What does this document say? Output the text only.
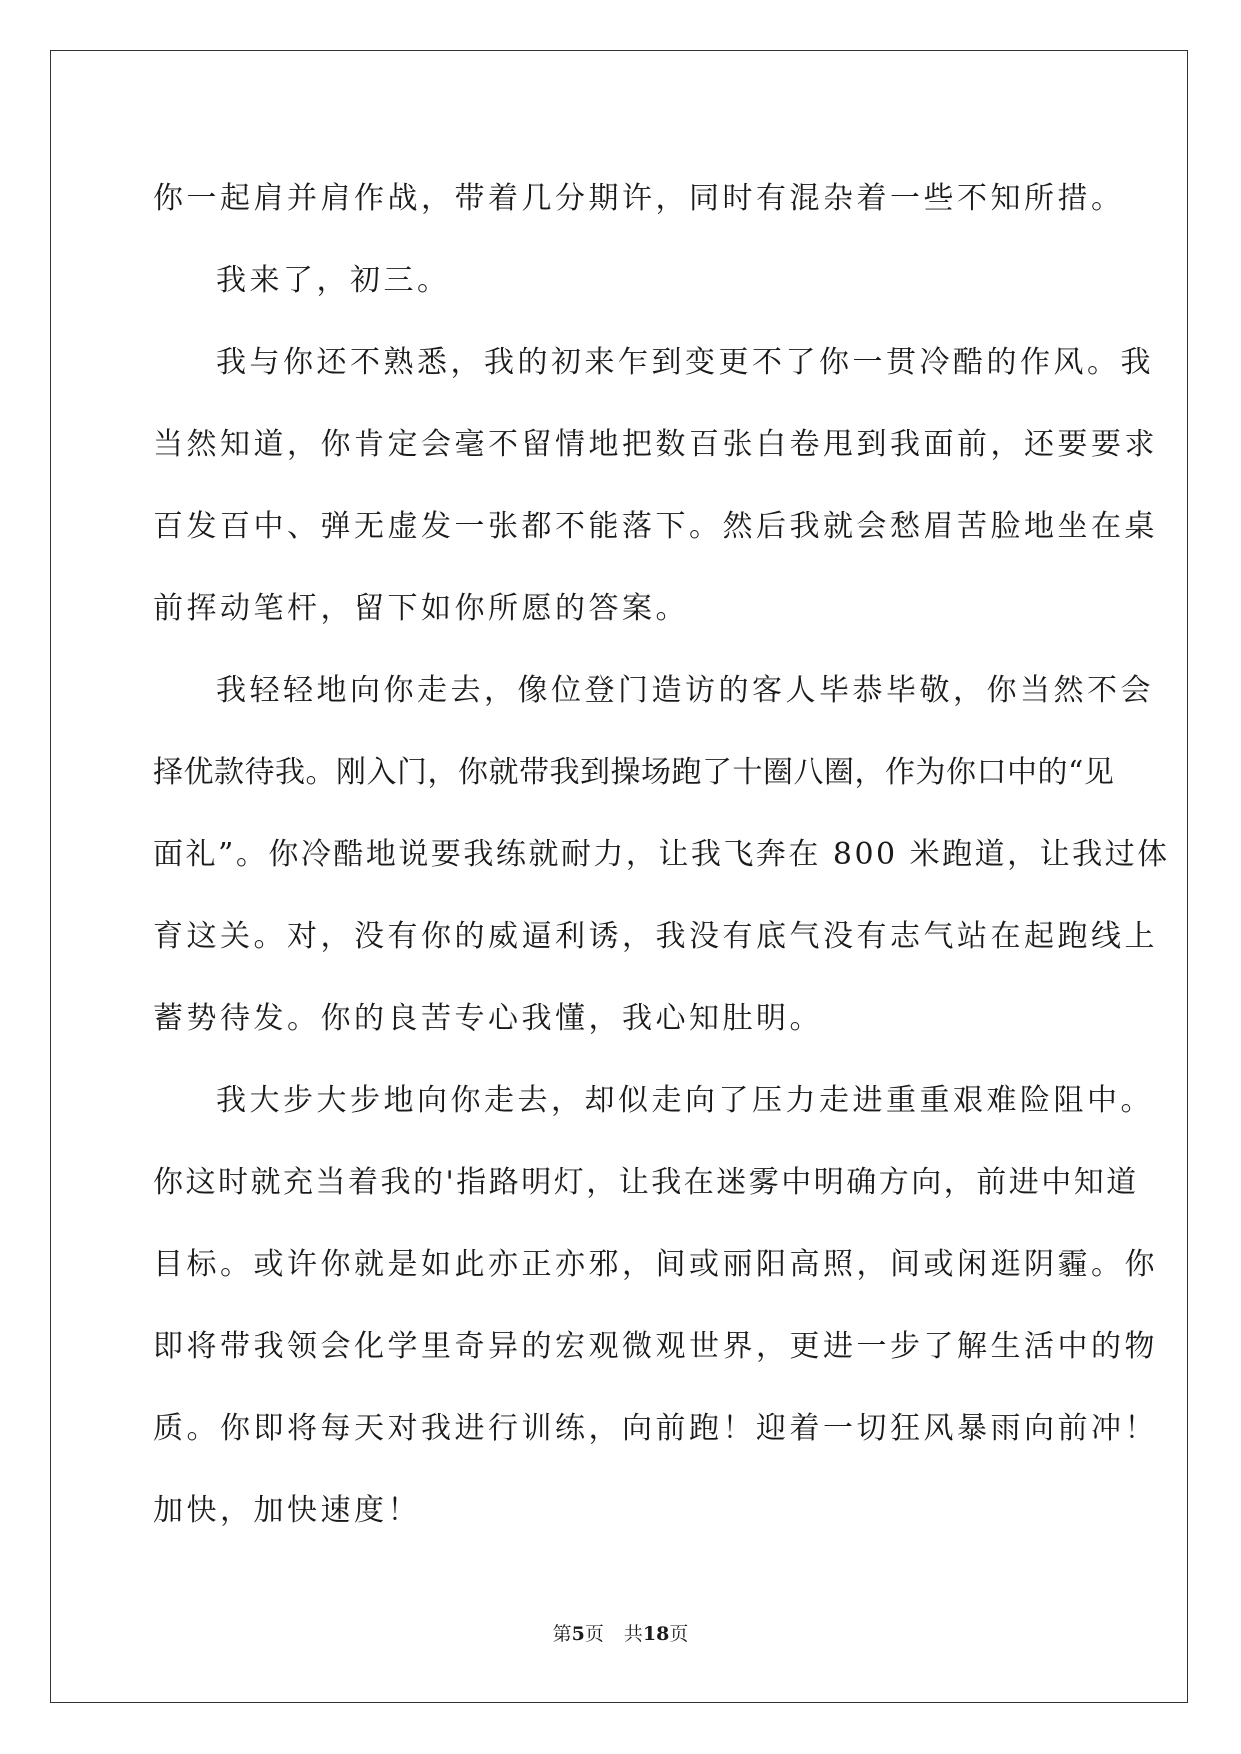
你一起肩并肩作战，带着几分期许，同时有混杂着一些不知所措。
我来了，初三。
我与你还不熟悉，我的初来乍到变更不了你一贯冷酷的作风。我
当然知道，你肯定会毫不留情地把数百张白卷甩到我面前，还要要求
百发百中、弹无虚发一张都不能落下。然后我就会愁眉苦脸地坐在桌
前挥动笔杆，留下如你所愿的答案。
我轻轻地向你走去，像位登门造访的客人毕恭毕敬，你当然不会
择优款待我。刚入门，你就带我到操场跑了十圈八圈，作为你口中的“见
面礼”。你冷酷地说要我练就耐力，让我飞奔在 800 米跑道，让我过体
育这关。对，没有你的威逼利诱，我没有底气没有志气站在起跑线上
蓄势待发。你的良苦专心我懂，我心知肚明。
我大步大步地向你走去，却似走向了压力走进重重艰难险阻中。
你这时就充当着我的'指路明灯，让我在迷雾中明确方向，前进中知道
目标。或许你就是如此亦正亦邪，间或丽阳高照，间或闲逛阴霾。你
即将带我领会化学里奇异的宏观微观世界，更进一步了解生活中的物
质。你即将每天对我进行训练，向前跑！迎着一切狂风暴雨向前冲！
加快，加快速度！
第5页 共18页
